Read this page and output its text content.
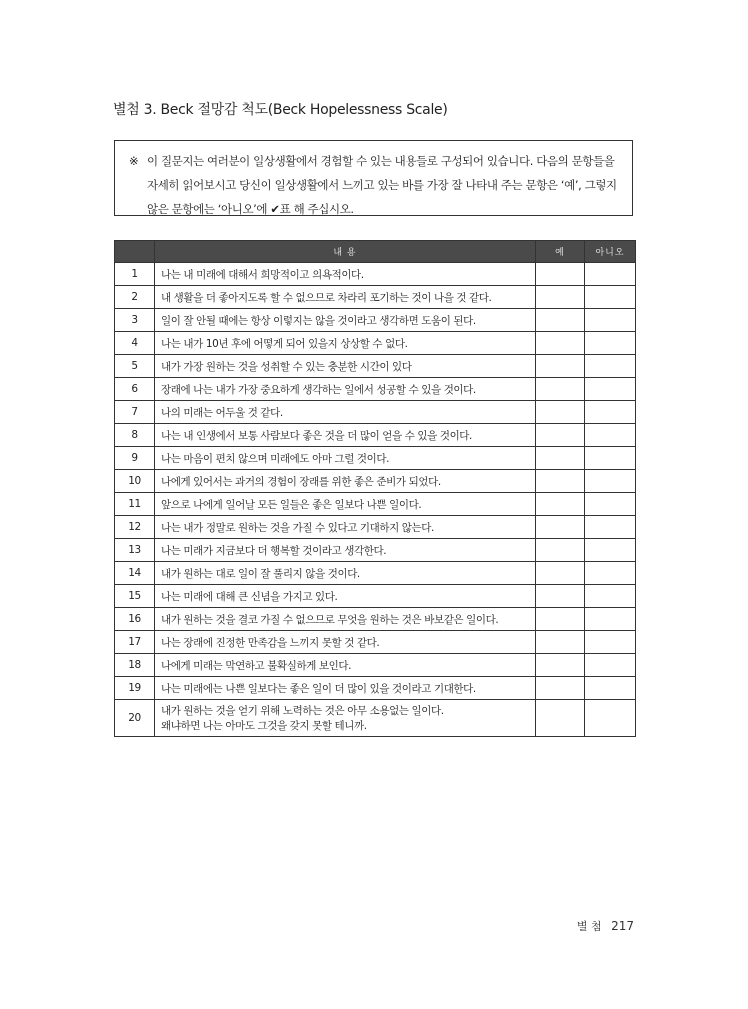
별첨 3. Beck 절망감 척도(Beck Hopelessness Scale)
※ 이 질문지는 여러분이 일상생활에서 경험할 수 있는 내용들로 구성되어 있습니다. 다음의 문항들을 자세히 읽어보시고 당신이 일상생활에서 느끼고 있는 바를 가장 잘 나타내 주는 문항은 ‘예’, 그렇지 않은 문항에는 ‘아니오’에 ✔표 해 주십시오.
	내 용	예	아니오
1	나는 내 미래에 대해서 희망적이고 의욕적이다.		
2	내 생활을 더 좋아지도록 할 수 없으므로 차라리 포기하는 것이 나을 것 같다.		
3	일이 잘 안될 때에는 항상 이렇지는 않을 것이라고 생각하면 도움이 된다.		
4	나는 내가 10년 후에 어떻게 되어 있을지 상상할 수 없다.		
5	내가 가장 원하는 것을 성취할 수 있는 충분한 시간이 있다		
6	장래에 나는 내가 가장 중요하게 생각하는 일에서 성공할 수 있을 것이다.		
7	나의 미래는 어두울 것 같다.		
8	나는 내 인생에서 보통 사람보다 좋은 것을 더 많이 얻을 수 있을 것이다.		
9	나는 마음이 편치 않으며 미래에도 아마 그럴 것이다.		
10	나에게 있어서는 과거의 경험이 장래를 위한 좋은 준비가 되었다.		
11	앞으로 나에게 일어날 모든 일들은 좋은 일보다 나쁜 일이다.		
12	나는 내가 정말로 원하는 것을 가질 수 있다고 기대하지 않는다.		
13	나는 미래가 지금보다 더 행복할 것이라고 생각한다.		
14	내가 원하는 대로 일이 잘 풀리지 않을 것이다.		
15	나는 미래에 대해 큰 신념을 가지고 있다.		
16	내가 원하는 것을 결코 가질 수 없으므로 무엇을 원하는 것은 바보같은 일이다.		
17	나는 장래에 진정한 만족감을 느끼지 못할 것 같다.		
18	나에게 미래는 막연하고 불확실하게 보인다.		
19	나는 미래에는 나쁜 일보다는 좋은 일이 더 많이 있을 것이라고 기대한다.		
20	내가 원하는 것을 얻기 위해 노력하는 것은 아무 소용없는 일이다.
왜냐하면 나는 아마도 그것을 갖지 못할 테니까.		

별 첨 217
